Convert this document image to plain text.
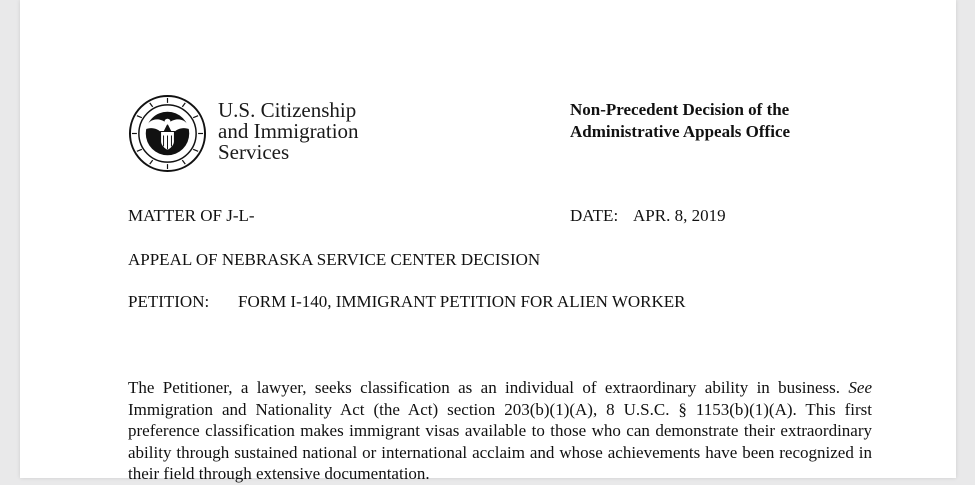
U.S. Citizenship
and Immigration
Services
Non-Precedent Decision of the
Administrative Appeals Office
MATTER OF J-L-	DATE: APR. 8, 2019
APPEAL OF NEBRASKA SERVICE CENTER DECISION
PETITION: FORM I-140, IMMIGRANT PETITION FOR ALIEN WORKER
The Petitioner, a lawyer, seeks classification as an individual of extraordinary ability in business. See Immigration and Nationality Act (the Act) section 203(b)(1)(A), 8 U.S.C. § 1153(b)(1)(A). This first preference classification makes immigrant visas available to those who can demonstrate their extraordinary ability through sustained national or international acclaim and whose achievements have been recognized in their field through extensive documentation.
